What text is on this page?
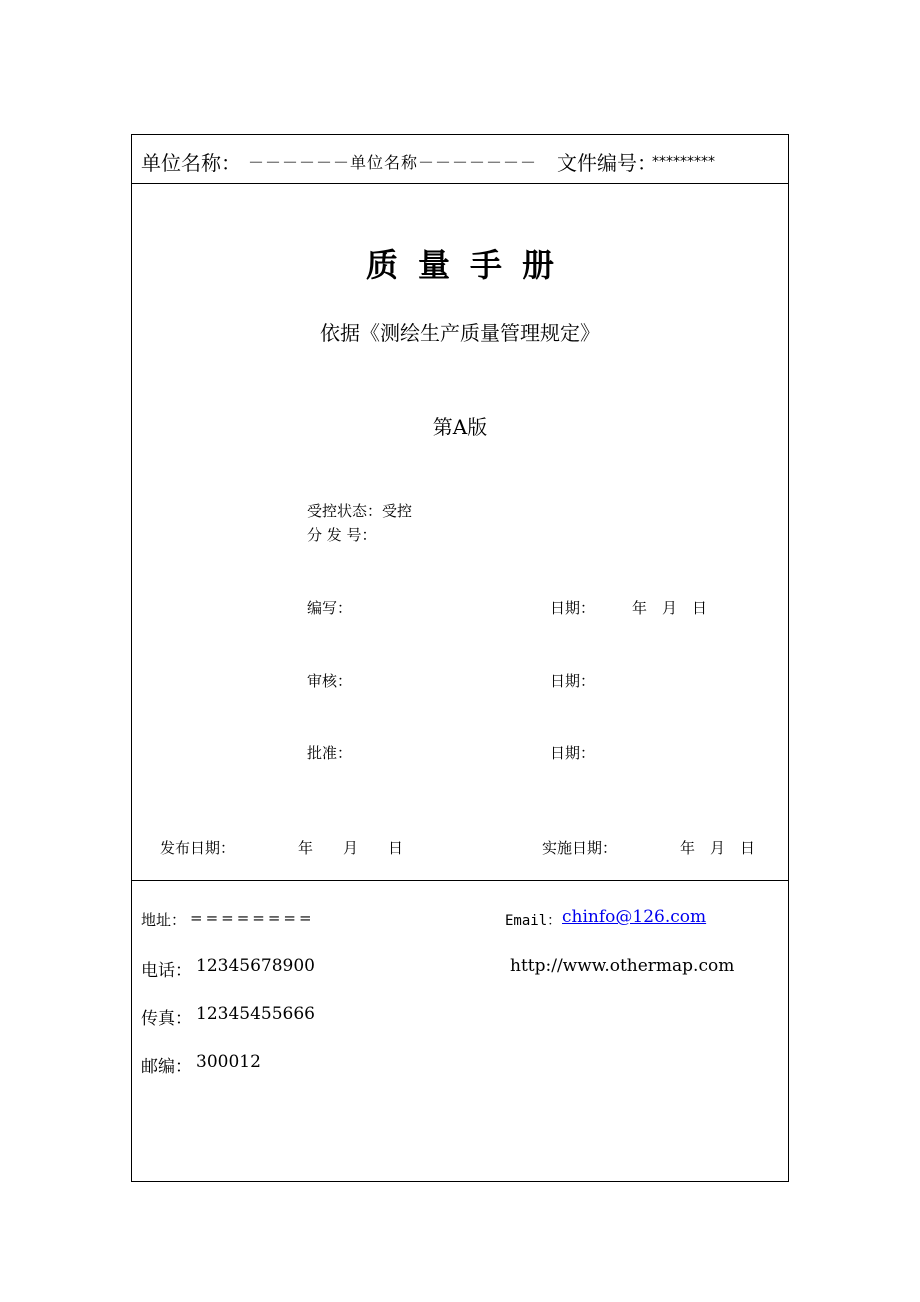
单位名称： －－－－－－单位名称－－－－－－－ 文件编号：
*********
质量手册
依据《测绘生产质量管理规定》
第A版
受控状态：受控
分 发 号：
编写：	日期： 年　月　日
审核：	日期：
批准：	日期：
发布日期：	年　　月　　日	实施日期：	年　月　日
地址： ========	Email： chinfo@126.com
电话： 12345678900	http://www.othermap.com
传真： 12345455666
邮编： 300012
